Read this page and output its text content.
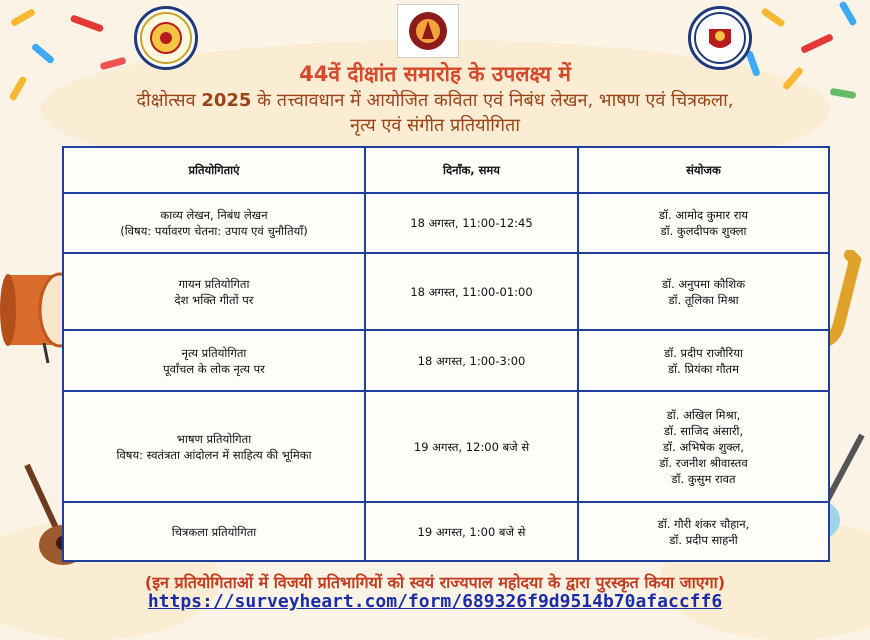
44वें दीक्षांत समारोह के उपलक्ष्य में
दीक्षोत्सव 2025 के तत्त्वावधान में आयोजित कविता एवं निबंध लेखन, भाषण एवं चित्रकला,
नृत्य एवं संगीत प्रतियोगिता
प्रतियोगिताएं	दिनाँक, समय	संयोजक

काव्य लेखन, निबंध लेखन
(विषय: पर्यावरण चेतना: उपाय एवं चुनौतियाँ)	18 अगस्त, 11:00-12:45	डॉ. आमोद कुमार राय
डॉ. कुलदीपक शुक्ला

गायन प्रतियोगिता
देश भक्ति गीतों पर	18 अगस्त, 11:00-01:00	डॉ. अनुपमा कौशिक
डॉ. तूलिका मिश्रा

नृत्य प्रतियोगिता
पूर्वांचल के लोक नृत्य पर	18 अगस्त, 1:00-3:00	डॉ. प्रदीप राजौरिया
डॉ. प्रियंका गौतम

भाषण प्रतियोगिता
विषय: स्वतंत्रता आंदोलन में साहित्य की भूमिका	19 अगस्त, 12:00 बजे से	डॉ. अखिल मिश्रा,
डॉ. साजिद अंसारी,
डॉ. अभिषेक शुक्ल,
डॉ. रजनीश श्रीवास्तव
डॉ. कुसुम रावत

चित्रकला प्रतियोगिता	19 अगस्त, 1:00 बजे से	डॉ. गौरी शंकर चौहान,
डॉ. प्रदीप साहनी
(इन प्रतियोगिताओं में विजयी प्रतिभागियों को स्वयं राज्यपाल महोदया के द्वारा पुरस्कृत किया जाएगा)
https://surveyheart.com/form/689326f9d9514b70afaccff6
